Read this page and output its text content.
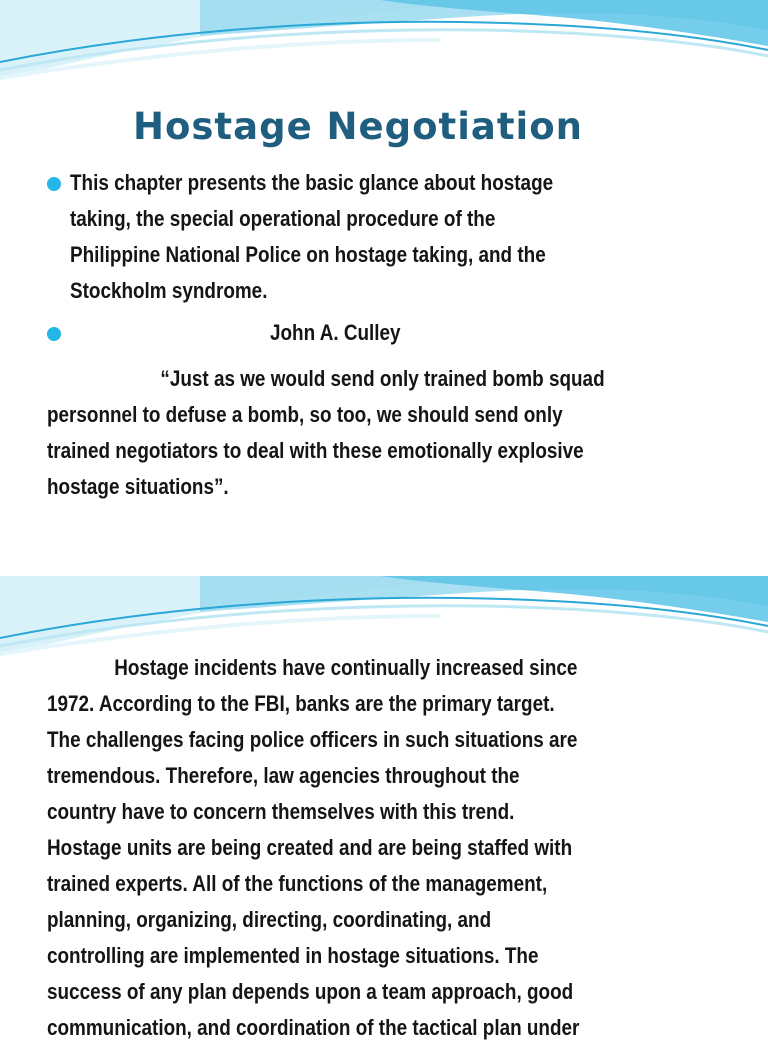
Hostage Negotiation
This chapter presents the basic glance about hostage
taking, the special operational procedure of the
Philippine National Police on hostage taking, and the
Stockholm syndrome.
John A. Culley
“Just as we would send only trained bomb squad
personnel to defuse a bomb, so too, we should send only
trained negotiators to deal with these emotionally explosive
hostage situations”.
Hostage incidents have continually increased since
1972. According to the FBI, banks are the primary target.
The challenges facing police officers in such situations are
tremendous. Therefore, law agencies throughout the
country have to concern themselves with this trend.
Hostage units are being created and are being staffed with
trained experts. All of the functions of the management,
planning, organizing, directing, coordinating, and
controlling are implemented in hostage situations. The
success of any plan depends upon a team approach, good
communication, and coordination of the tactical plan under
